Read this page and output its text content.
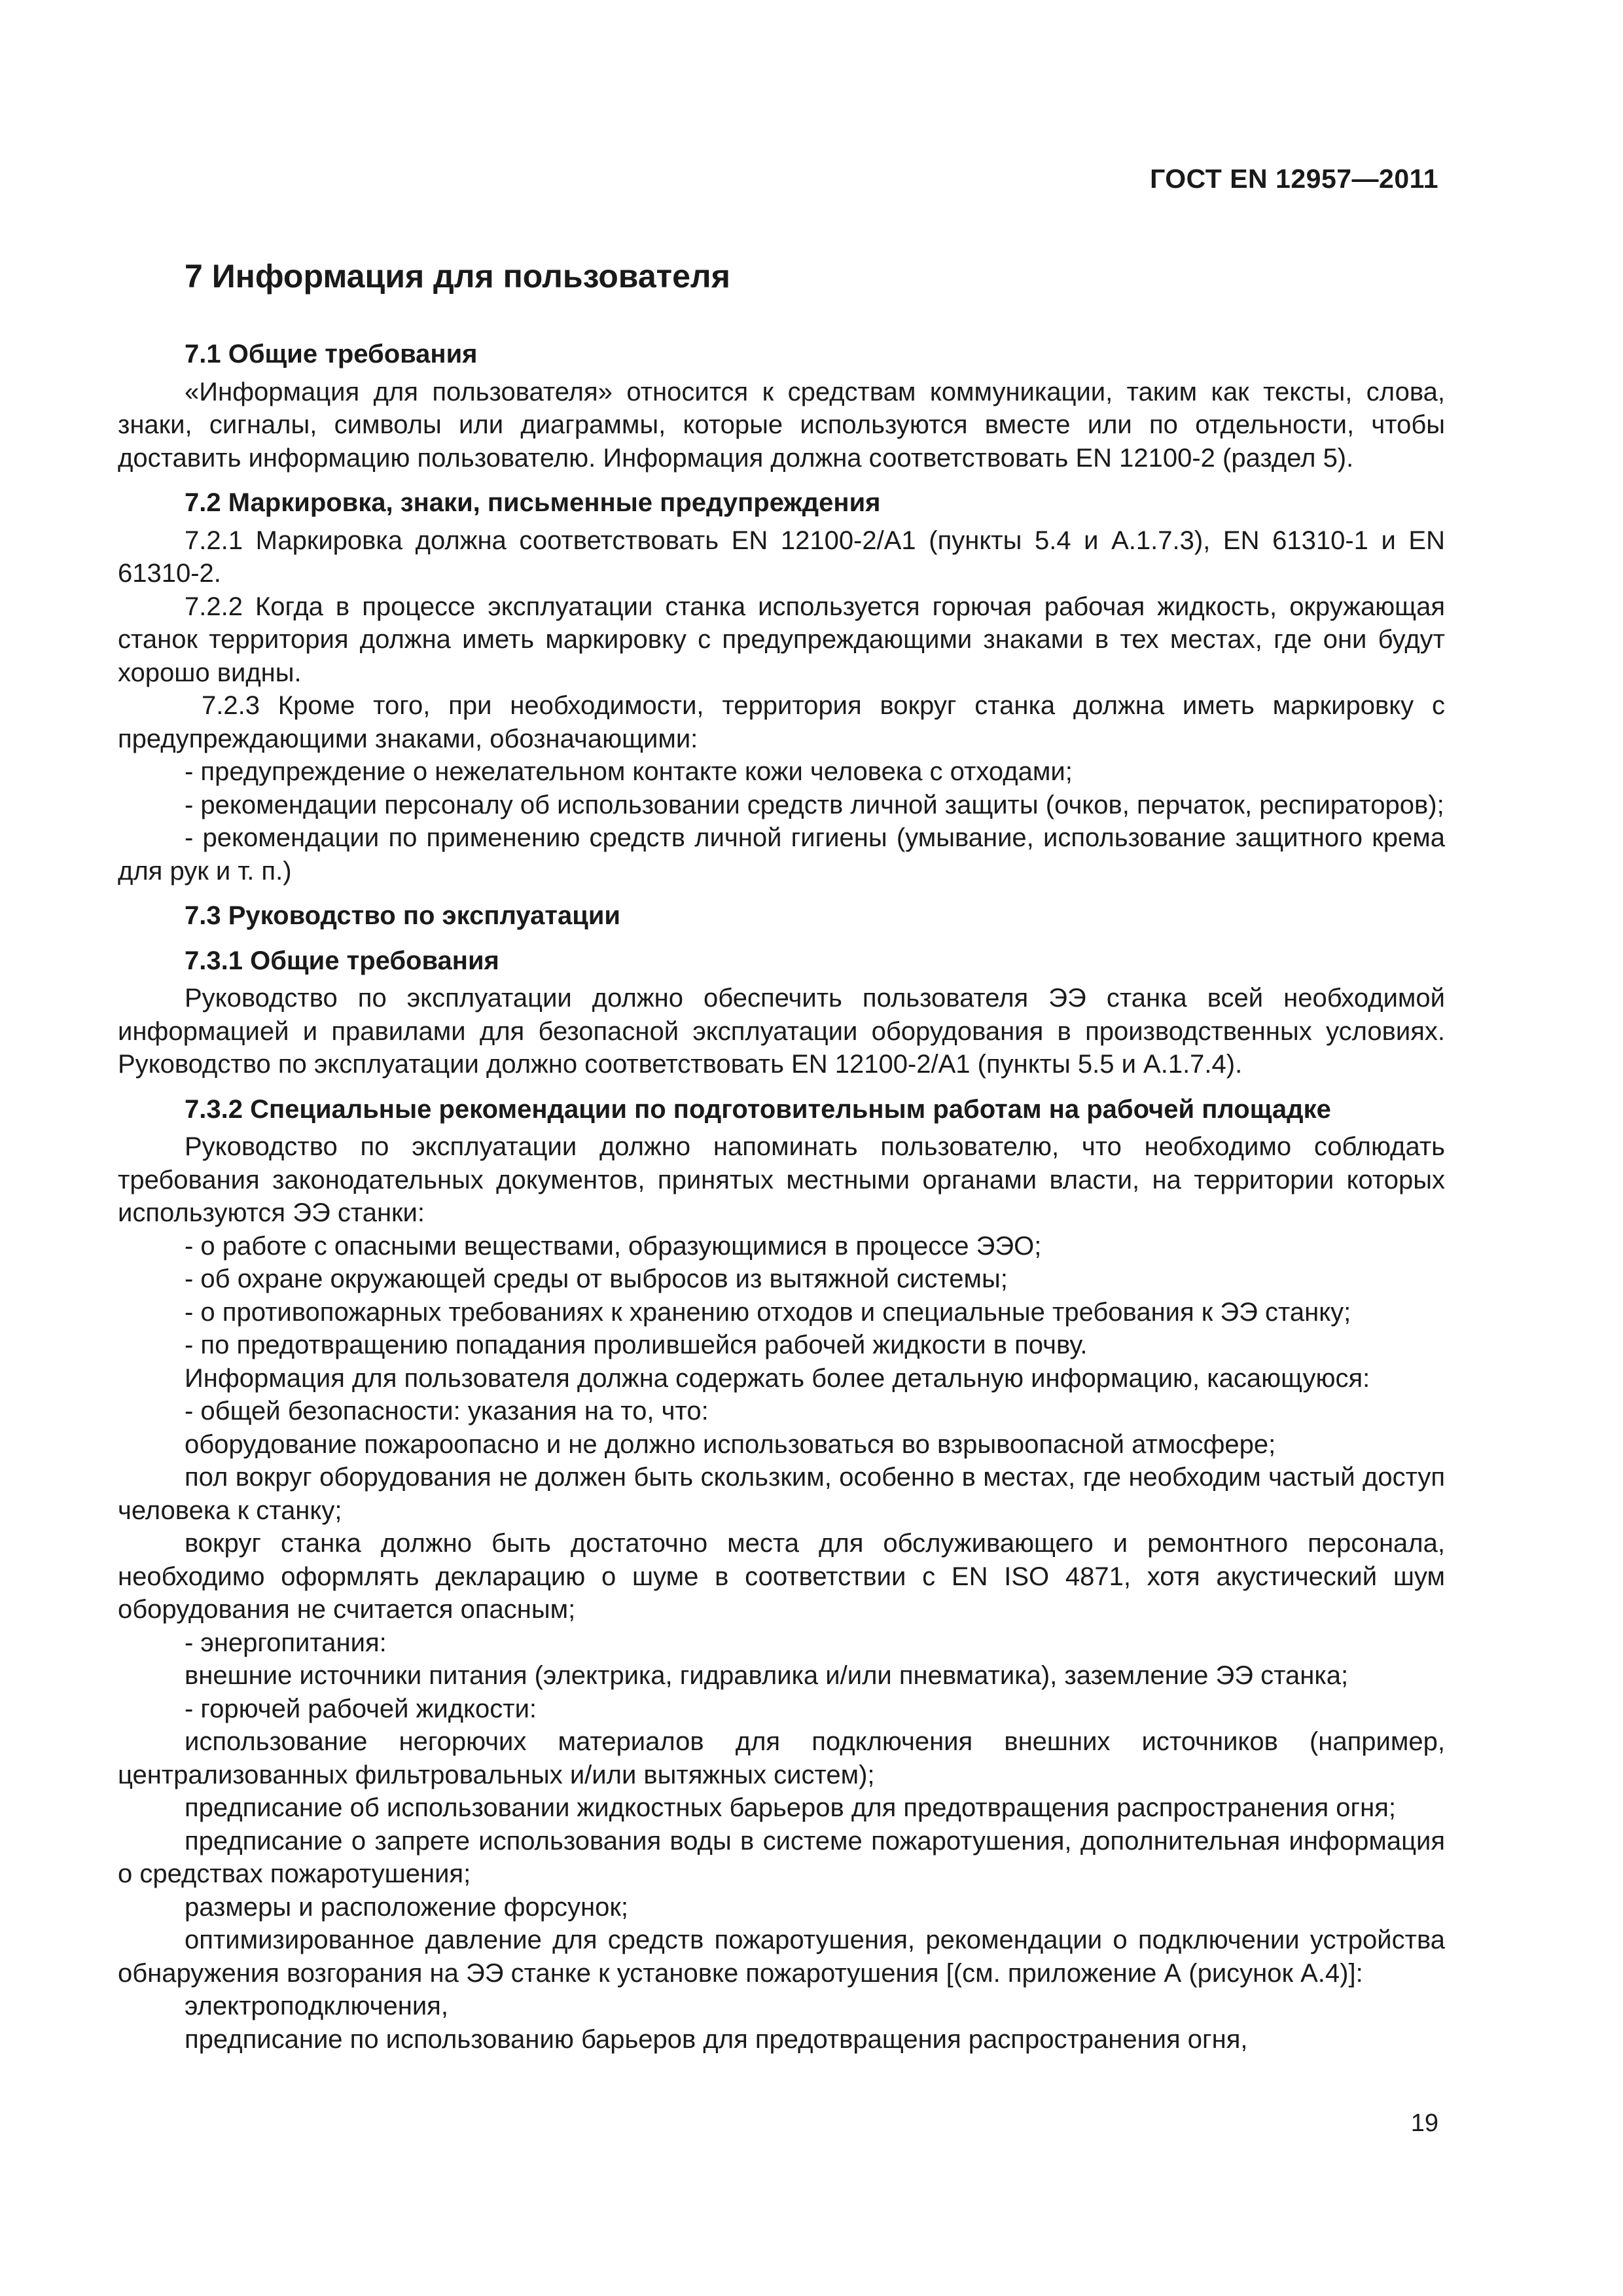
ГОСТ EN 12957—2011
7 Информация для пользователя
7.1 Общие требования

«Информация для пользователя» относится к средствам коммуникации, таким как тексты, слова, знаки, сигналы, символы или диаграммы, которые используются вместе или по отдельности, чтобы доставить информацию пользователю. Информация должна соответствовать EN 12100-2 (раздел 5).

7.2 Маркировка, знаки, письменные предупреждения

7.2.1 Маркировка должна соответствовать EN 12100-2/A1 (пункты 5.4 и А.1.7.3), EN 61310-1 и EN 61310-2.

7.2.2 Когда в процессе эксплуатации станка используется горючая рабочая жидкость, окружающая станок территория должна иметь маркировку с предупреждающими знаками в тех местах, где они будут хорошо видны.

7.2.3 Кроме того, при необходимости, территория вокруг станка должна иметь маркировку с предупреждающими знаками, обозначающими:

- предупреждение о нежелательном контакте кожи человека с отходами;

- рекомендации персоналу об использовании средств личной защиты (очков, перчаток, респираторов);

- рекомендации по применению средств личной гигиены (умывание, использование защитного крема для рук и т. п.)

7.3 Руководство по эксплуатации
7.3.1 Общие требования

Руководство по эксплуатации должно обеспечить пользователя ЭЭ станка всей необходимой информацией и правилами для безопасной эксплуатации оборудования в производственных условиях. Руководство по эксплуатации должно соответствовать EN 12100-2/A1 (пункты 5.5 и А.1.7.4).

7.3.2 Специальные рекомендации по подготовительным работам на рабочей площадке

Руководство по эксплуатации должно напоминать пользователю, что необходимо соблюдать требования законодательных документов, принятых местными органами власти, на территории которых используются ЭЭ станки:

- о работе с опасными веществами, образующимися в процессе ЭЭО;

- об охране окружающей среды от выбросов из вытяжной системы;

- о противопожарных требованиях к хранению отходов и специальные требования к ЭЭ станку;

- по предотвращению попадания пролившейся рабочей жидкости в почву.

Информация для пользователя должна содержать более детальную информацию, касающуюся:

- общей безопасности: указания на то, что:

оборудование пожароопасно и не должно использоваться во взрывоопасной атмосфере;

пол вокруг оборудования не должен быть скользким, особенно в местах, где необходим частый доступ человека к станку;

вокруг станка должно быть достаточно места для обслуживающего и ремонтного персонала, необходимо оформлять декларацию о шуме в соответствии с EN ISO 4871, хотя акустический шум оборудования не считается опасным;

- энергопитания:

внешние источники питания (электрика, гидравлика и/или пневматика), заземление ЭЭ станка;

- горючей рабочей жидкости:

использование негорючих материалов для подключения внешних источников (например, централизованных фильтровальных и/или вытяжных систем);

предписание об использовании жидкостных барьеров для предотвращения распространения огня;

предписание о запрете использования воды в системе пожаротушения, дополнительная информация о средствах пожаротушения;

размеры и расположение форсунок;

оптимизированное давление для средств пожаротушения, рекомендации о подключении устройства обнаружения возгорания на ЭЭ станке к установке пожаротушения [(см. приложение А (рисунок А.4)]:

электроподключения,

предписание по использованию барьеров для предотвращения распространения огня,

19
